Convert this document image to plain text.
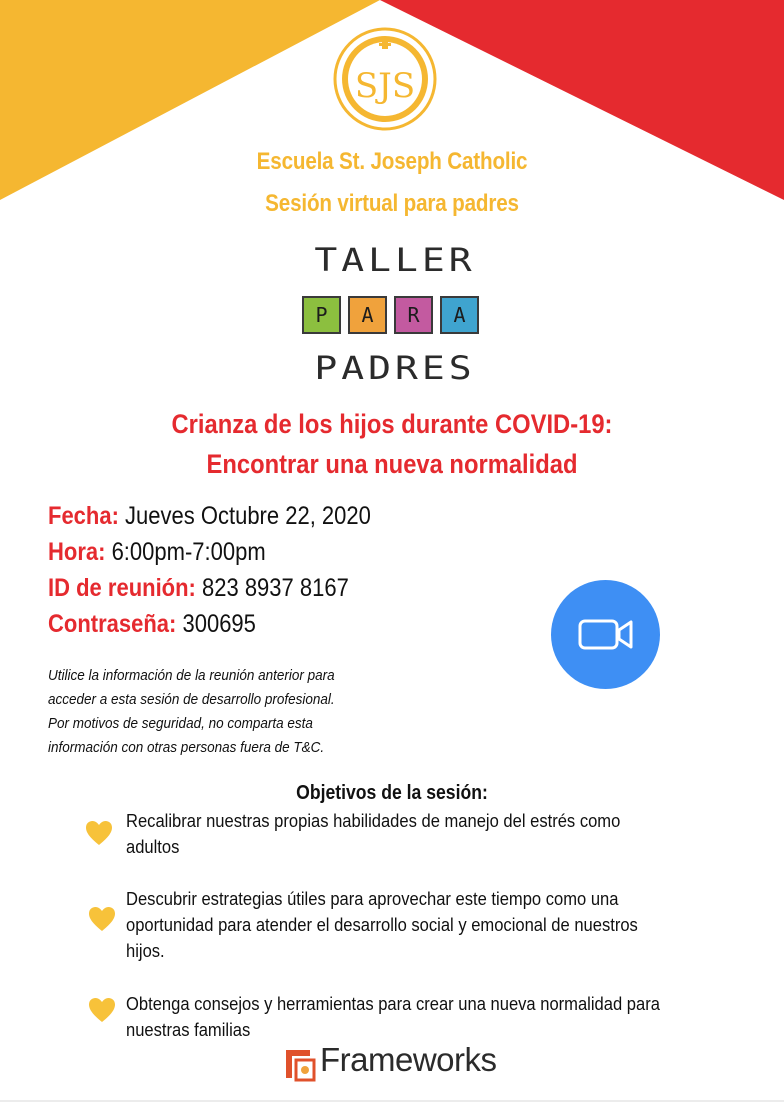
SJS
Escuela St. Joseph Catholic
Sesión virtual para padres
TALLER
P	A	R	A
PADRES
Crianza de los hijos durante COVID-19:
Encontrar una nueva normalidad
Fecha: Jueves Octubre 22, 2020
Hora: 6:00pm-7:00pm
ID de reunión: 823 8937 8167
Contraseña: 300695
Utilice la información de la reunión anterior para acceder a esta sesión de desarrollo profesional. Por motivos de seguridad, no comparta esta información con otras personas fuera de T&C.
Objetivos de la sesión:
Recalibrar nuestras propias habilidades de manejo del estrés como adultos
Descubrir estrategias útiles para aprovechar este tiempo como una oportunidad para atender el desarrollo social y emocional de nuestros hijos.
Obtenga consejos y herramientas para crear una nueva normalidad para nuestras familias
Frameworks
